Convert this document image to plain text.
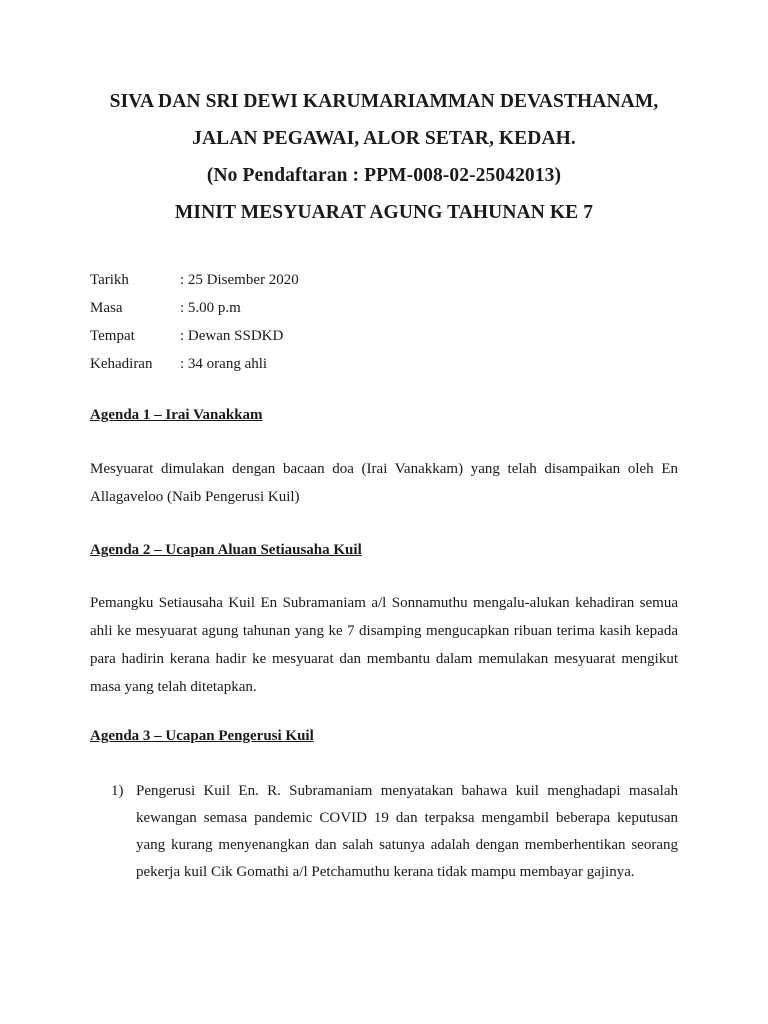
SIVA DAN SRI DEWI KARUMARIAMMAN DEVASTHANAM,
JALAN PEGAWAI, ALOR SETAR, KEDAH.
(No Pendaftaran : PPM-008-02-25042013)
MINIT MESYUARAT AGUNG TAHUNAN KE 7
Tarikh	: 25 Disember 2020
Masa	: 5.00 p.m
Tempat	: Dewan SSDKD
Kehadiran	: 34 orang ahli
Agenda 1 – Irai Vanakkam
Mesyuarat dimulakan dengan bacaan doa (Irai Vanakkam) yang telah disampaikan oleh En
Allagaveloo (Naib Pengerusi Kuil)
Agenda 2 – Ucapan Aluan Setiausaha Kuil
Pemangku Setiausaha Kuil En Subramaniam a/l Sonnamuthu mengalu-alukan kehadiran semua
ahli ke mesyuarat agung tahunan yang ke 7 disamping mengucapkan ribuan terima kasih kepada
para hadirin kerana hadir ke mesyuarat dan membantu dalam memulakan mesyuarat mengikut
masa yang telah ditetapkan.
Agenda 3 – Ucapan Pengerusi Kuil
1) Pengerusi Kuil En. R. Subramaniam menyatakan bahawa kuil menghadapi masalah
kewangan semasa pandemic COVID 19 dan terpaksa mengambil beberapa keputusan
yang kurang menyenangkan dan salah satunya adalah dengan memberhentikan seorang
pekerja kuil Cik Gomathi a/l Petchamuthu kerana tidak mampu membayar gajinya.
